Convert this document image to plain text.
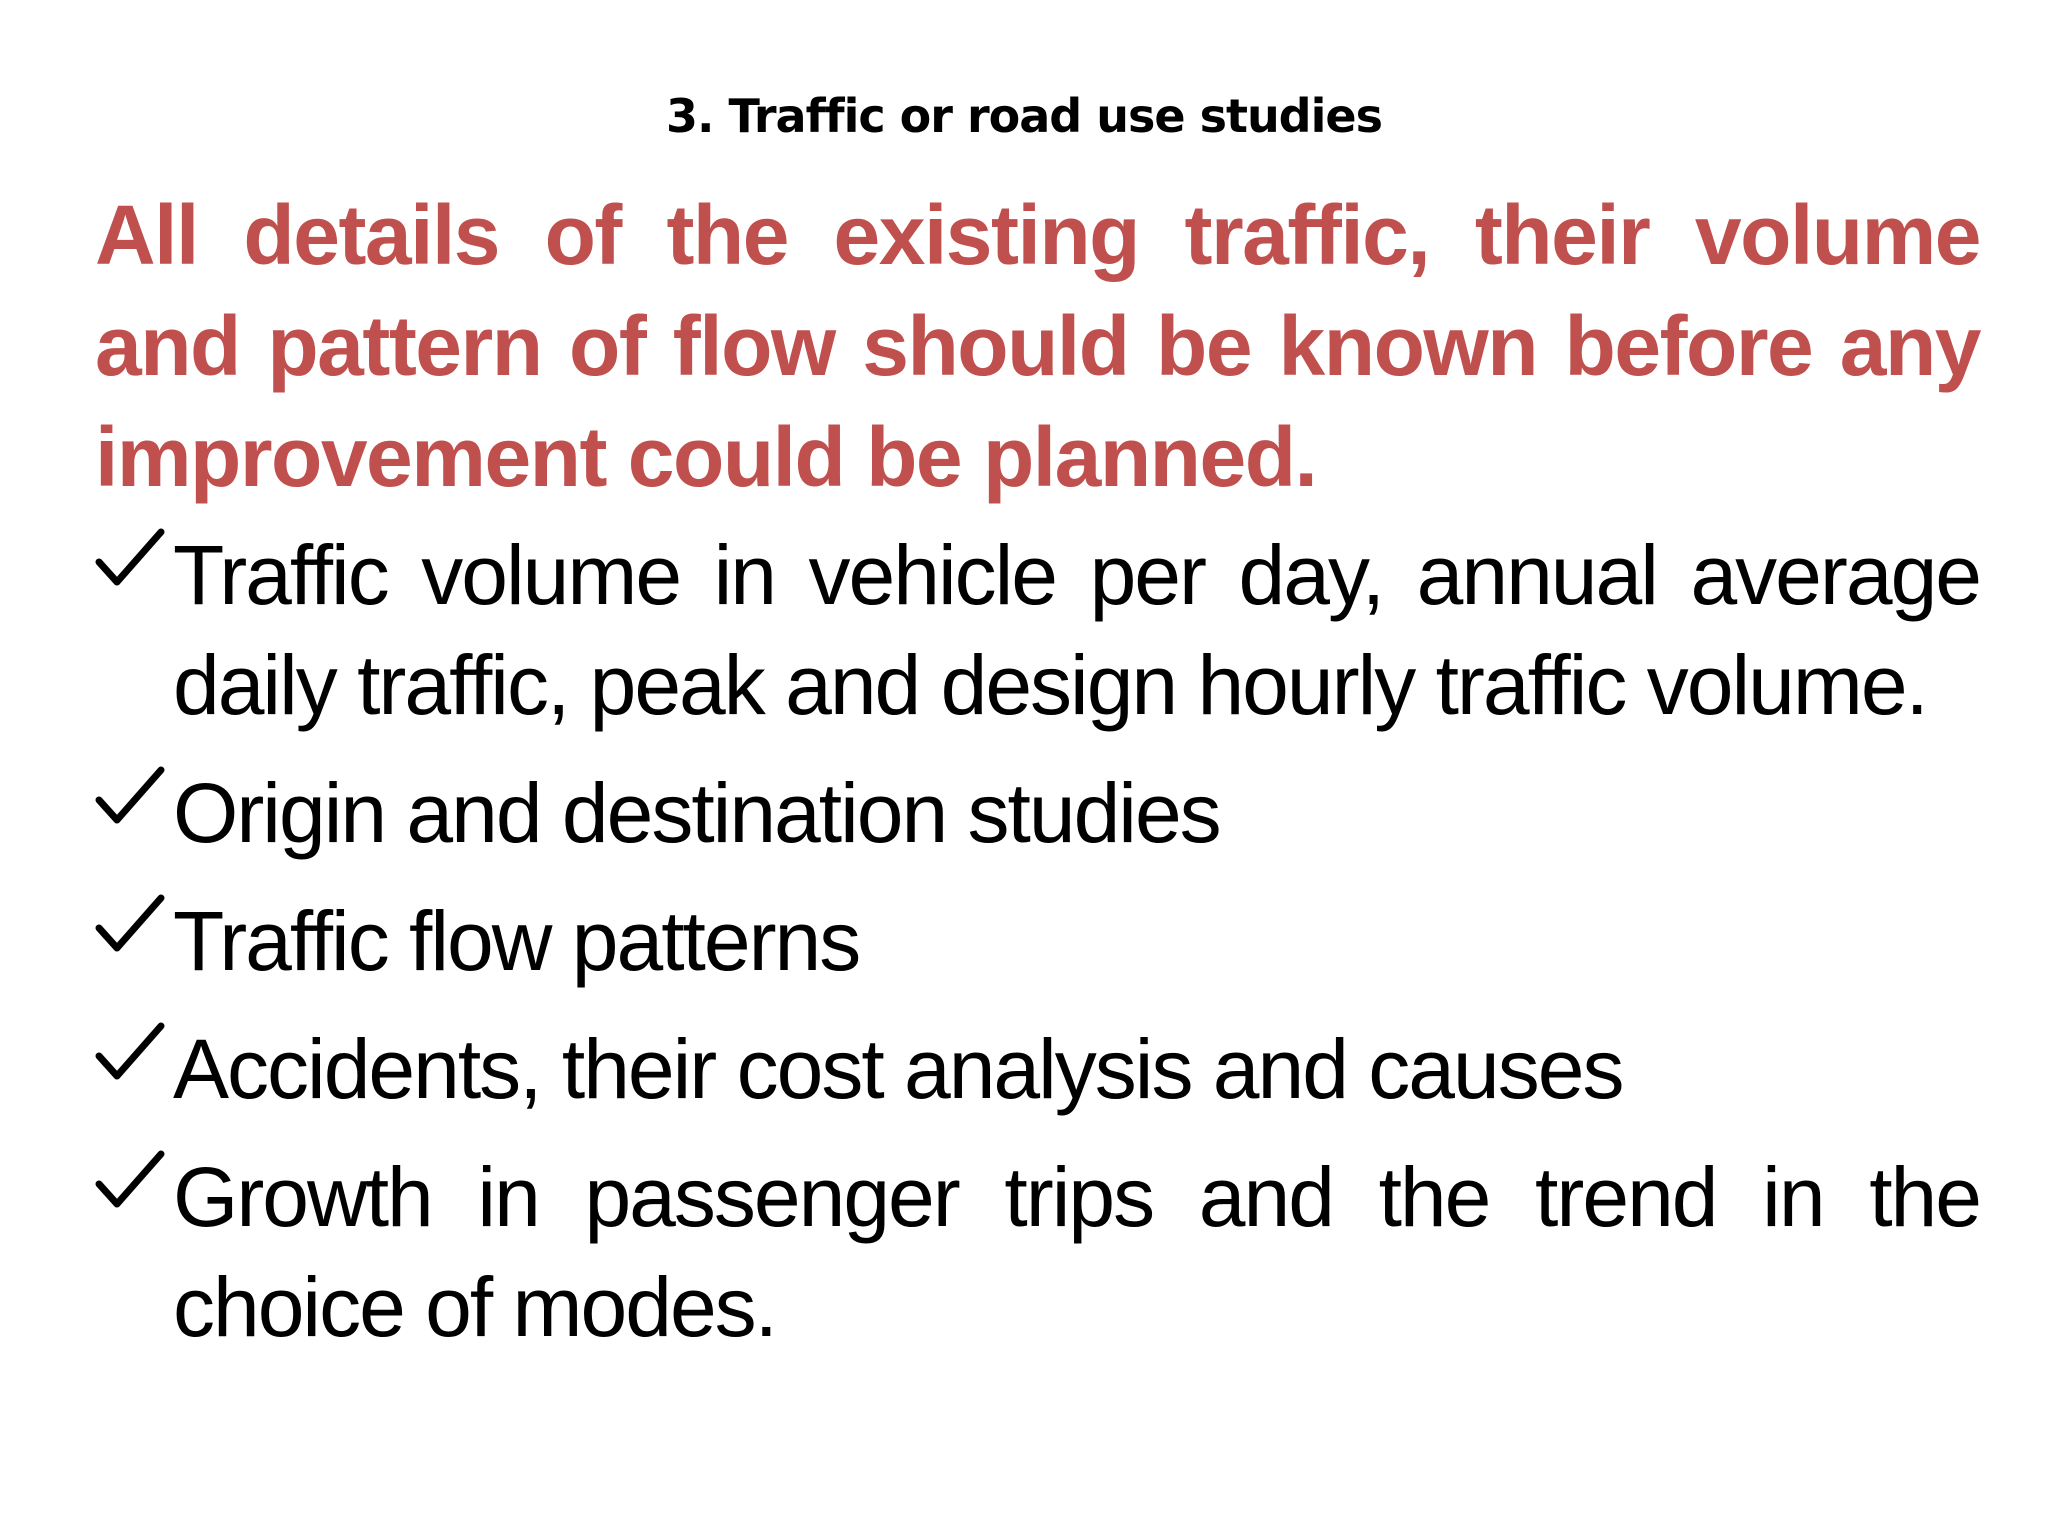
3. Traffic or road use studies

All details of the existing traffic, their volume and pattern of flow should be known before any improvement could be planned.

Traffic volume in vehicle per day, annual average daily traffic, peak and design hourly traffic volume.
Origin and destination studies
Traffic flow patterns
Accidents, their cost analysis and causes
Growth in passenger trips and the trend in the choice of modes.
